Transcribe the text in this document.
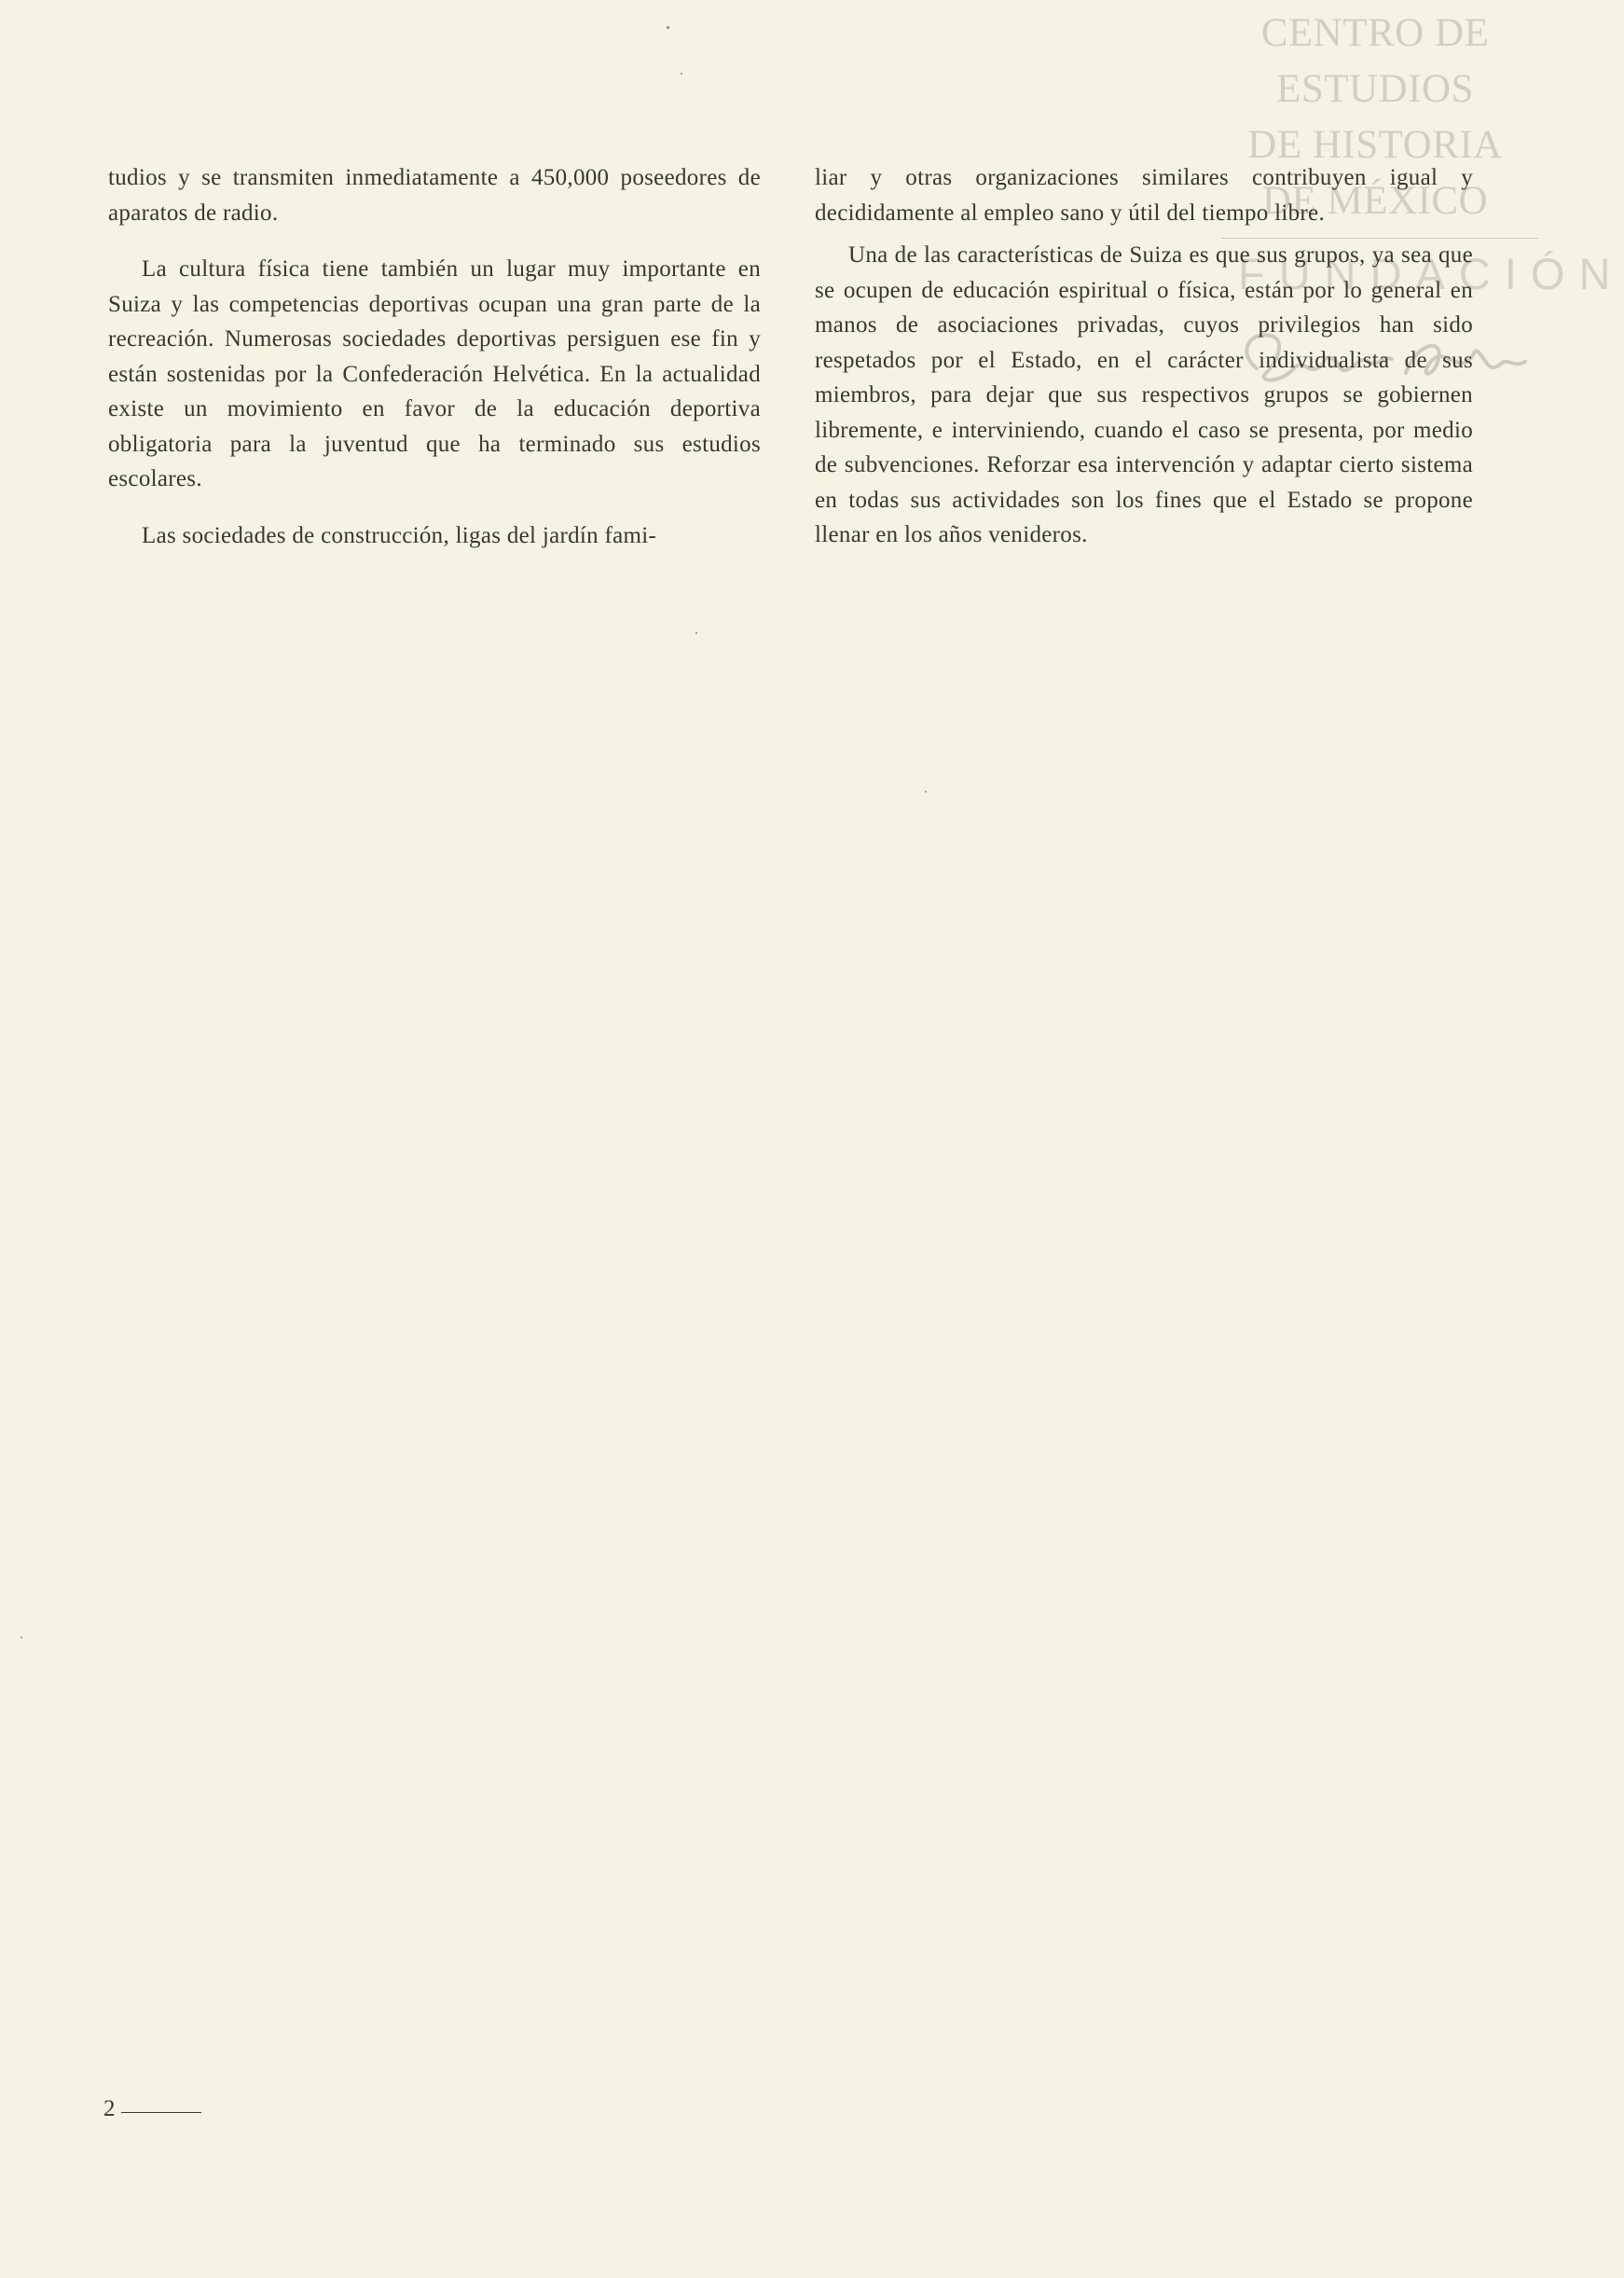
CENTRO DE
ESTUDIOS
DE HISTORIA
DE MÉXICO
FUNDACIÓN

tudios y se transmiten inmediatamente a 450,000 poseedores de aparatos de radio.

La cultura física tiene también un lugar muy importante en Suiza y las competencias deportivas ocupan una gran parte de la recreación. Numerosas sociedades deportivas persiguen ese fin y están sostenidas por la Confederación Helvética. En la actualidad existe un movimiento en favor de la educación deportiva obligatoria para la juventud que ha terminado sus estudios escolares.

Las sociedades de construcción, ligas del jardín fami-

liar y otras organizaciones similares contribuyen igual y decididamente al empleo sano y útil del tiempo libre.

Una de las características de Suiza es que sus grupos, ya sea que se ocupen de educación espiritual o física, están por lo general en manos de asociaciones privadas, cuyos privilegios han sido respetados por el Estado, en el carácter individualista de sus miembros, para dejar que sus respectivos grupos se gobiernen libremente, e interviniendo, cuando el caso se presenta, por medio de subvenciones. Reforzar esa intervención y adaptar cierto sistema en todas sus actividades son los fines que el Estado se propone llenar en los años venideros.

2
